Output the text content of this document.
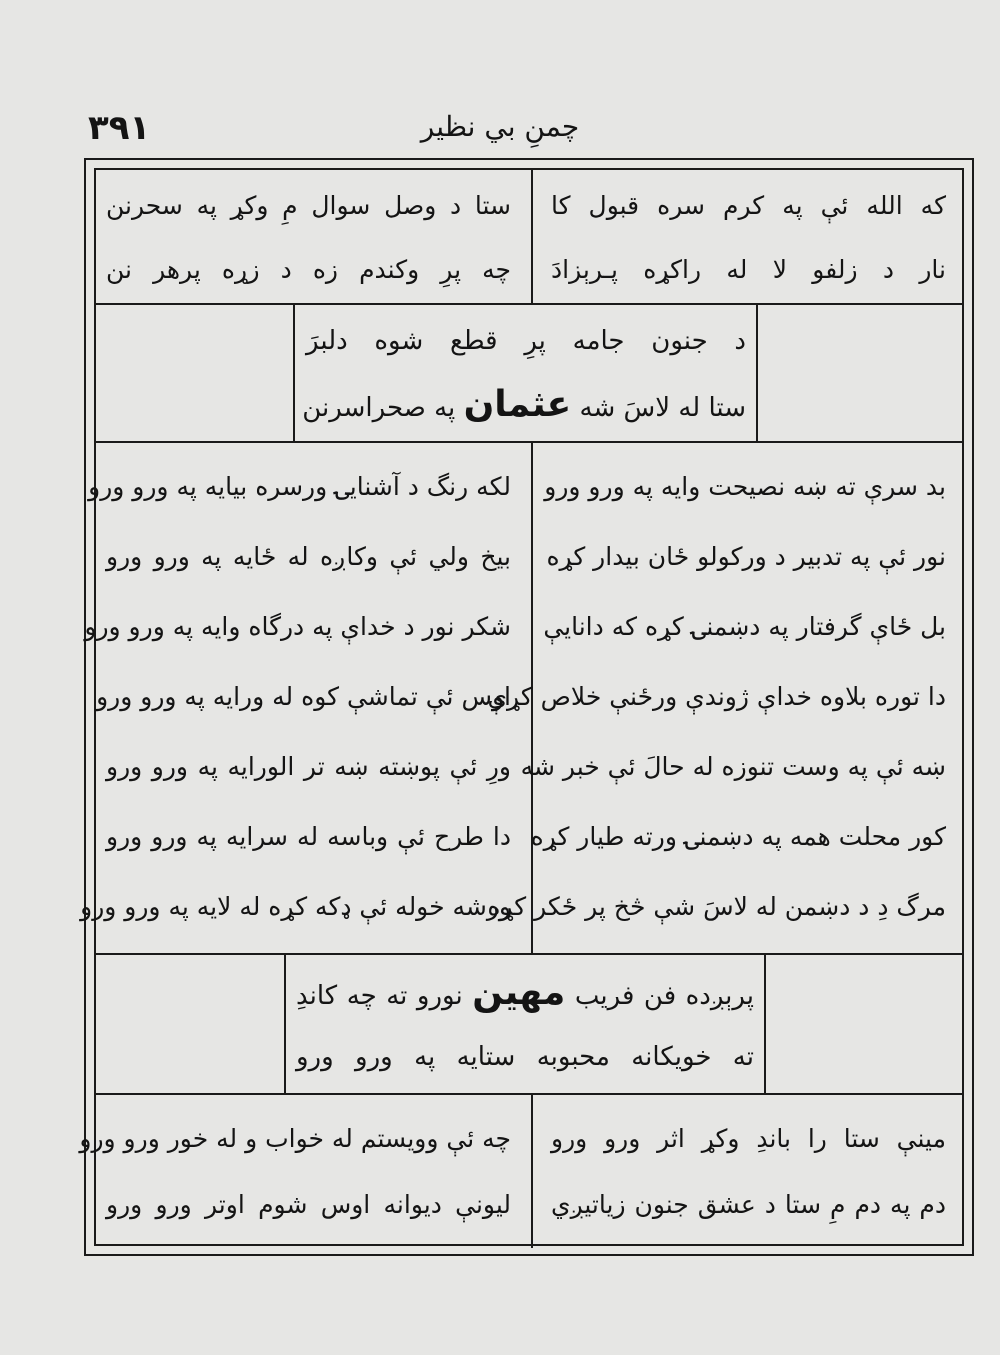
۳۹۱	چمنِ بي نظير
که الله ئې په کرم سره قبول کا
نار د زلفو لا له راکړه پـرېزادَ
ستا د وصل سوال مِ وکړ په سحرنن
چه پرِ وکندم زه د زړه پرهر نن
د جنون جامه پرِ قطع شوه دلبرَ
ستا له لاسَ شه عثمان په صحراسرنن
بد سرې ته ښه نصيحت وايه په ورو ورو
نور ئې په تدبير د ورکولو ځان بيدار کړه
بل ځاې گرفتار په دښمنۍ کړه که دانايې
دا توره بلاوه خداې ژوندې ورځنې خلاص کړې
ښه ئې په وست تنوزه له حالَ ئې خبر شه
کور محلت همه په دښمنۍ ورته طيار کړه
مرگ دِ د دښمن له لاسَ شې څخ پر ځکر کړه
لکه رنگ د آشنايۍ ورسره بيايه په ورو ورو
بيخ ولي ئې وکاږه له ځايه په ورو ورو
شکر نور د خداې په درگاه وايه په ورو ورو
اوس ئې تماشې کوه له ورايه په ورو ورو
ورِ ئې پوښته ښه تر الورايه په ورو ورو
دا طرح ئې وباسه له سرايه په ورو ورو
ورشه خوله ئې ډکه کړه له لايه په ورو ورو
پرېږده فن فريب مهين نورو ته چه کاندِ
ته خويکانه محبوبه ستايه په ورو ورو
مينې ستا را باندِ وکړ اثر ورو ورو
دم په دم مِ ستا د عشق جنون زياتيږي
چه ئې وويستم له خواب و له خور ورو ورو
ليونې ديوانه اوس شوم اوتر ورو ورو
